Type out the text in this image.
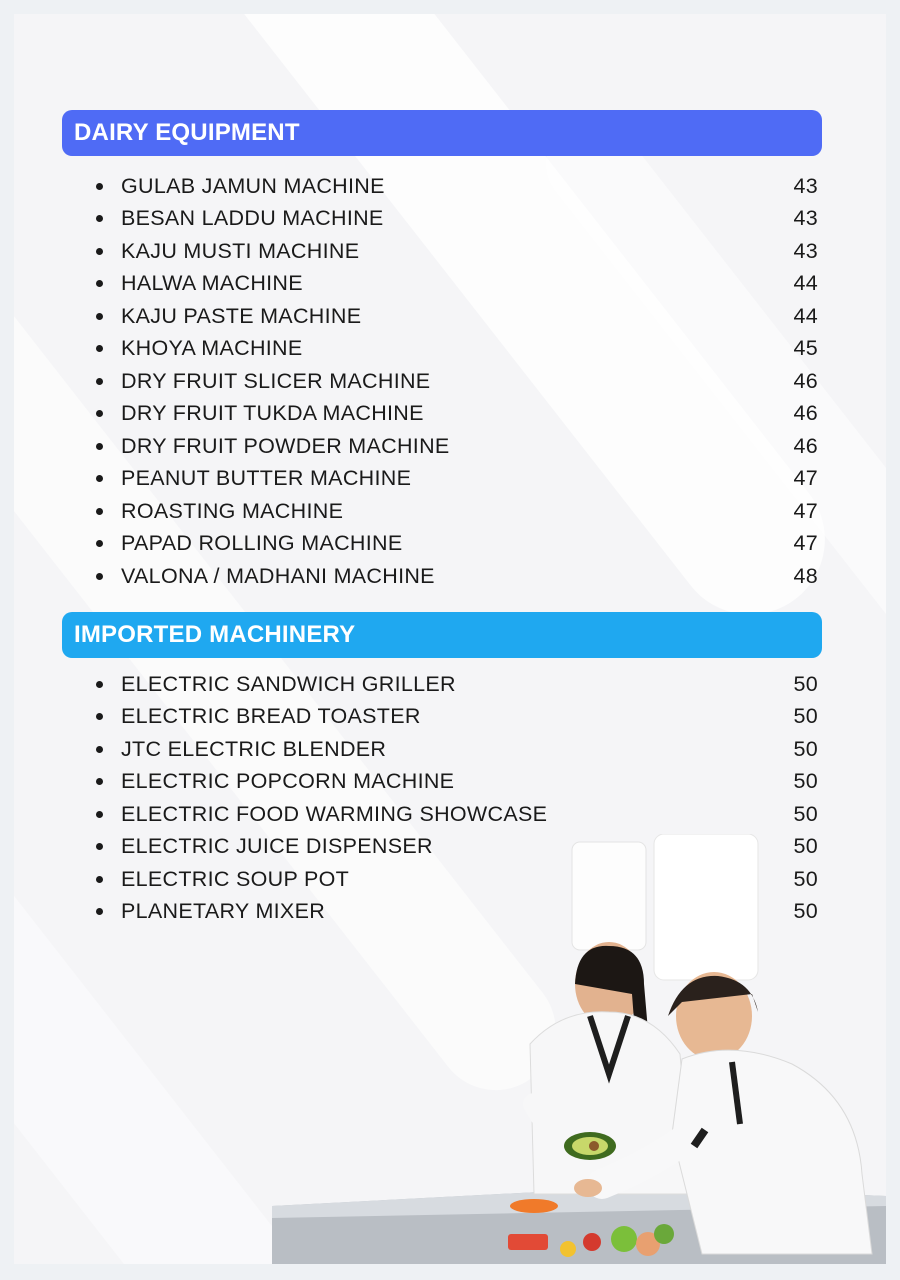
DAIRY EQUIPMENT
GULAB JAMUN MACHINE	43
BESAN LADDU MACHINE	43
KAJU MUSTI MACHINE	43
HALWA MACHINE	44
KAJU PASTE MACHINE	44
KHOYA MACHINE	45
DRY FRUIT SLICER MACHINE	46
DRY FRUIT TUKDA MACHINE	46
DRY FRUIT POWDER MACHINE	46
PEANUT BUTTER MACHINE	47
ROASTING MACHINE	47
PAPAD ROLLING MACHINE	47
VALONA / MADHANI MACHINE	48
IMPORTED MACHINERY
ELECTRIC SANDWICH GRILLER	50
ELECTRIC BREAD TOASTER	50
JTC ELECTRIC BLENDER	50
ELECTRIC POPCORN MACHINE	50
ELECTRIC FOOD WARMING SHOWCASE	50
ELECTRIC JUICE DISPENSER	50
ELECTRIC SOUP POT	50
PLANETARY MIXER	50
